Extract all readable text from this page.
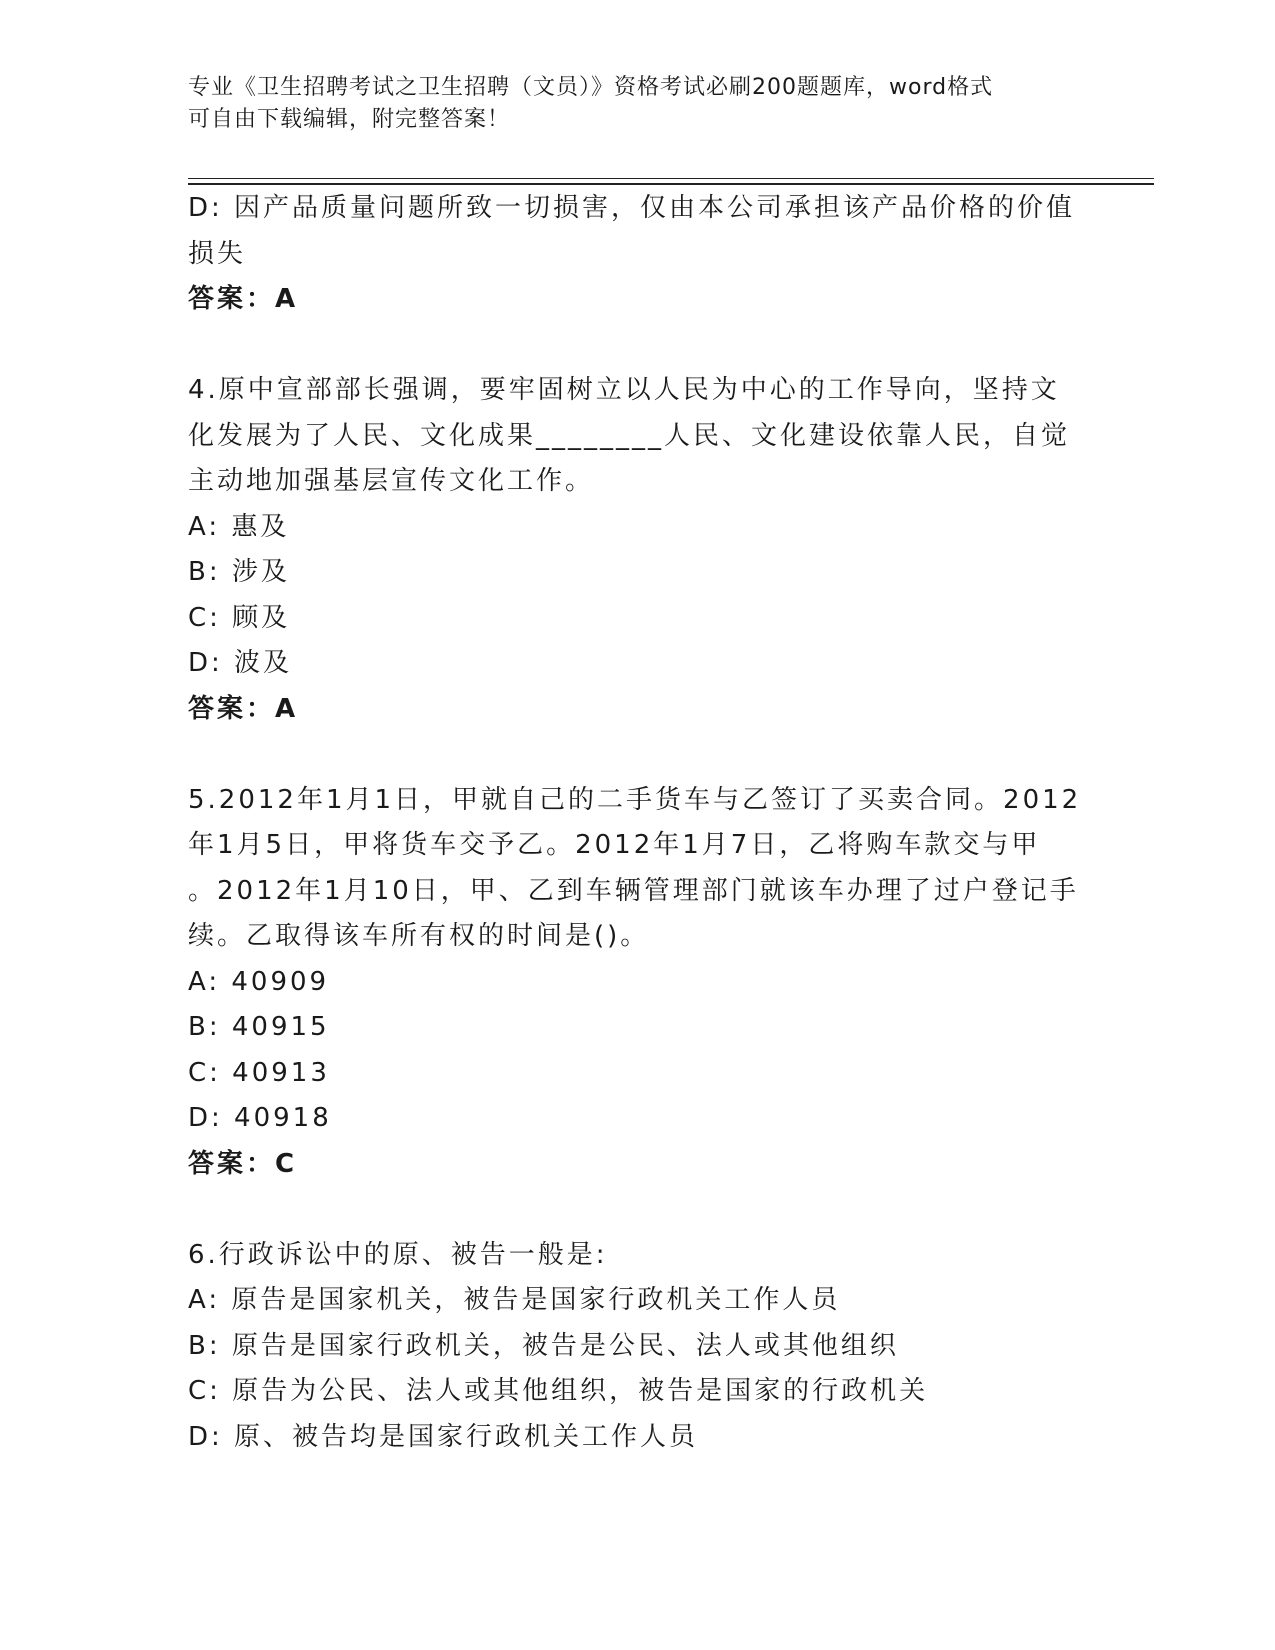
专业《卫生招聘考试之卫生招聘（文员）》资格考试必刷200题题库，word格式
可自由下载编辑，附完整答案！
D: 因产品质量问题所致一切损害，仅由本公司承担该产品价格的价值
损失
答案：A
4.原中宣部部长强调，要牢固树立以人民为中心的工作导向，坚持文
化发展为了人民、文化成果________人民、文化建设依靠人民，自觉
主动地加强基层宣传文化工作。
A: 惠及
B: 涉及
C: 顾及
D: 波及
答案：A
5.2012年1月1日，甲就自己的二手货车与乙签订了买卖合同。2012
年1月5日，甲将货车交予乙。2012年1月7日，乙将购车款交与甲
。2012年1月10日，甲、乙到车辆管理部门就该车办理了过户登记手
续。乙取得该车所有权的时间是()。
A: 40909
B: 40915
C: 40913
D: 40918
答案：C
6.行政诉讼中的原、被告一般是:
A: 原告是国家机关，被告是国家行政机关工作人员
B: 原告是国家行政机关，被告是公民、法人或其他组织
C: 原告为公民、法人或其他组织，被告是国家的行政机关
D: 原、被告均是国家行政机关工作人员
